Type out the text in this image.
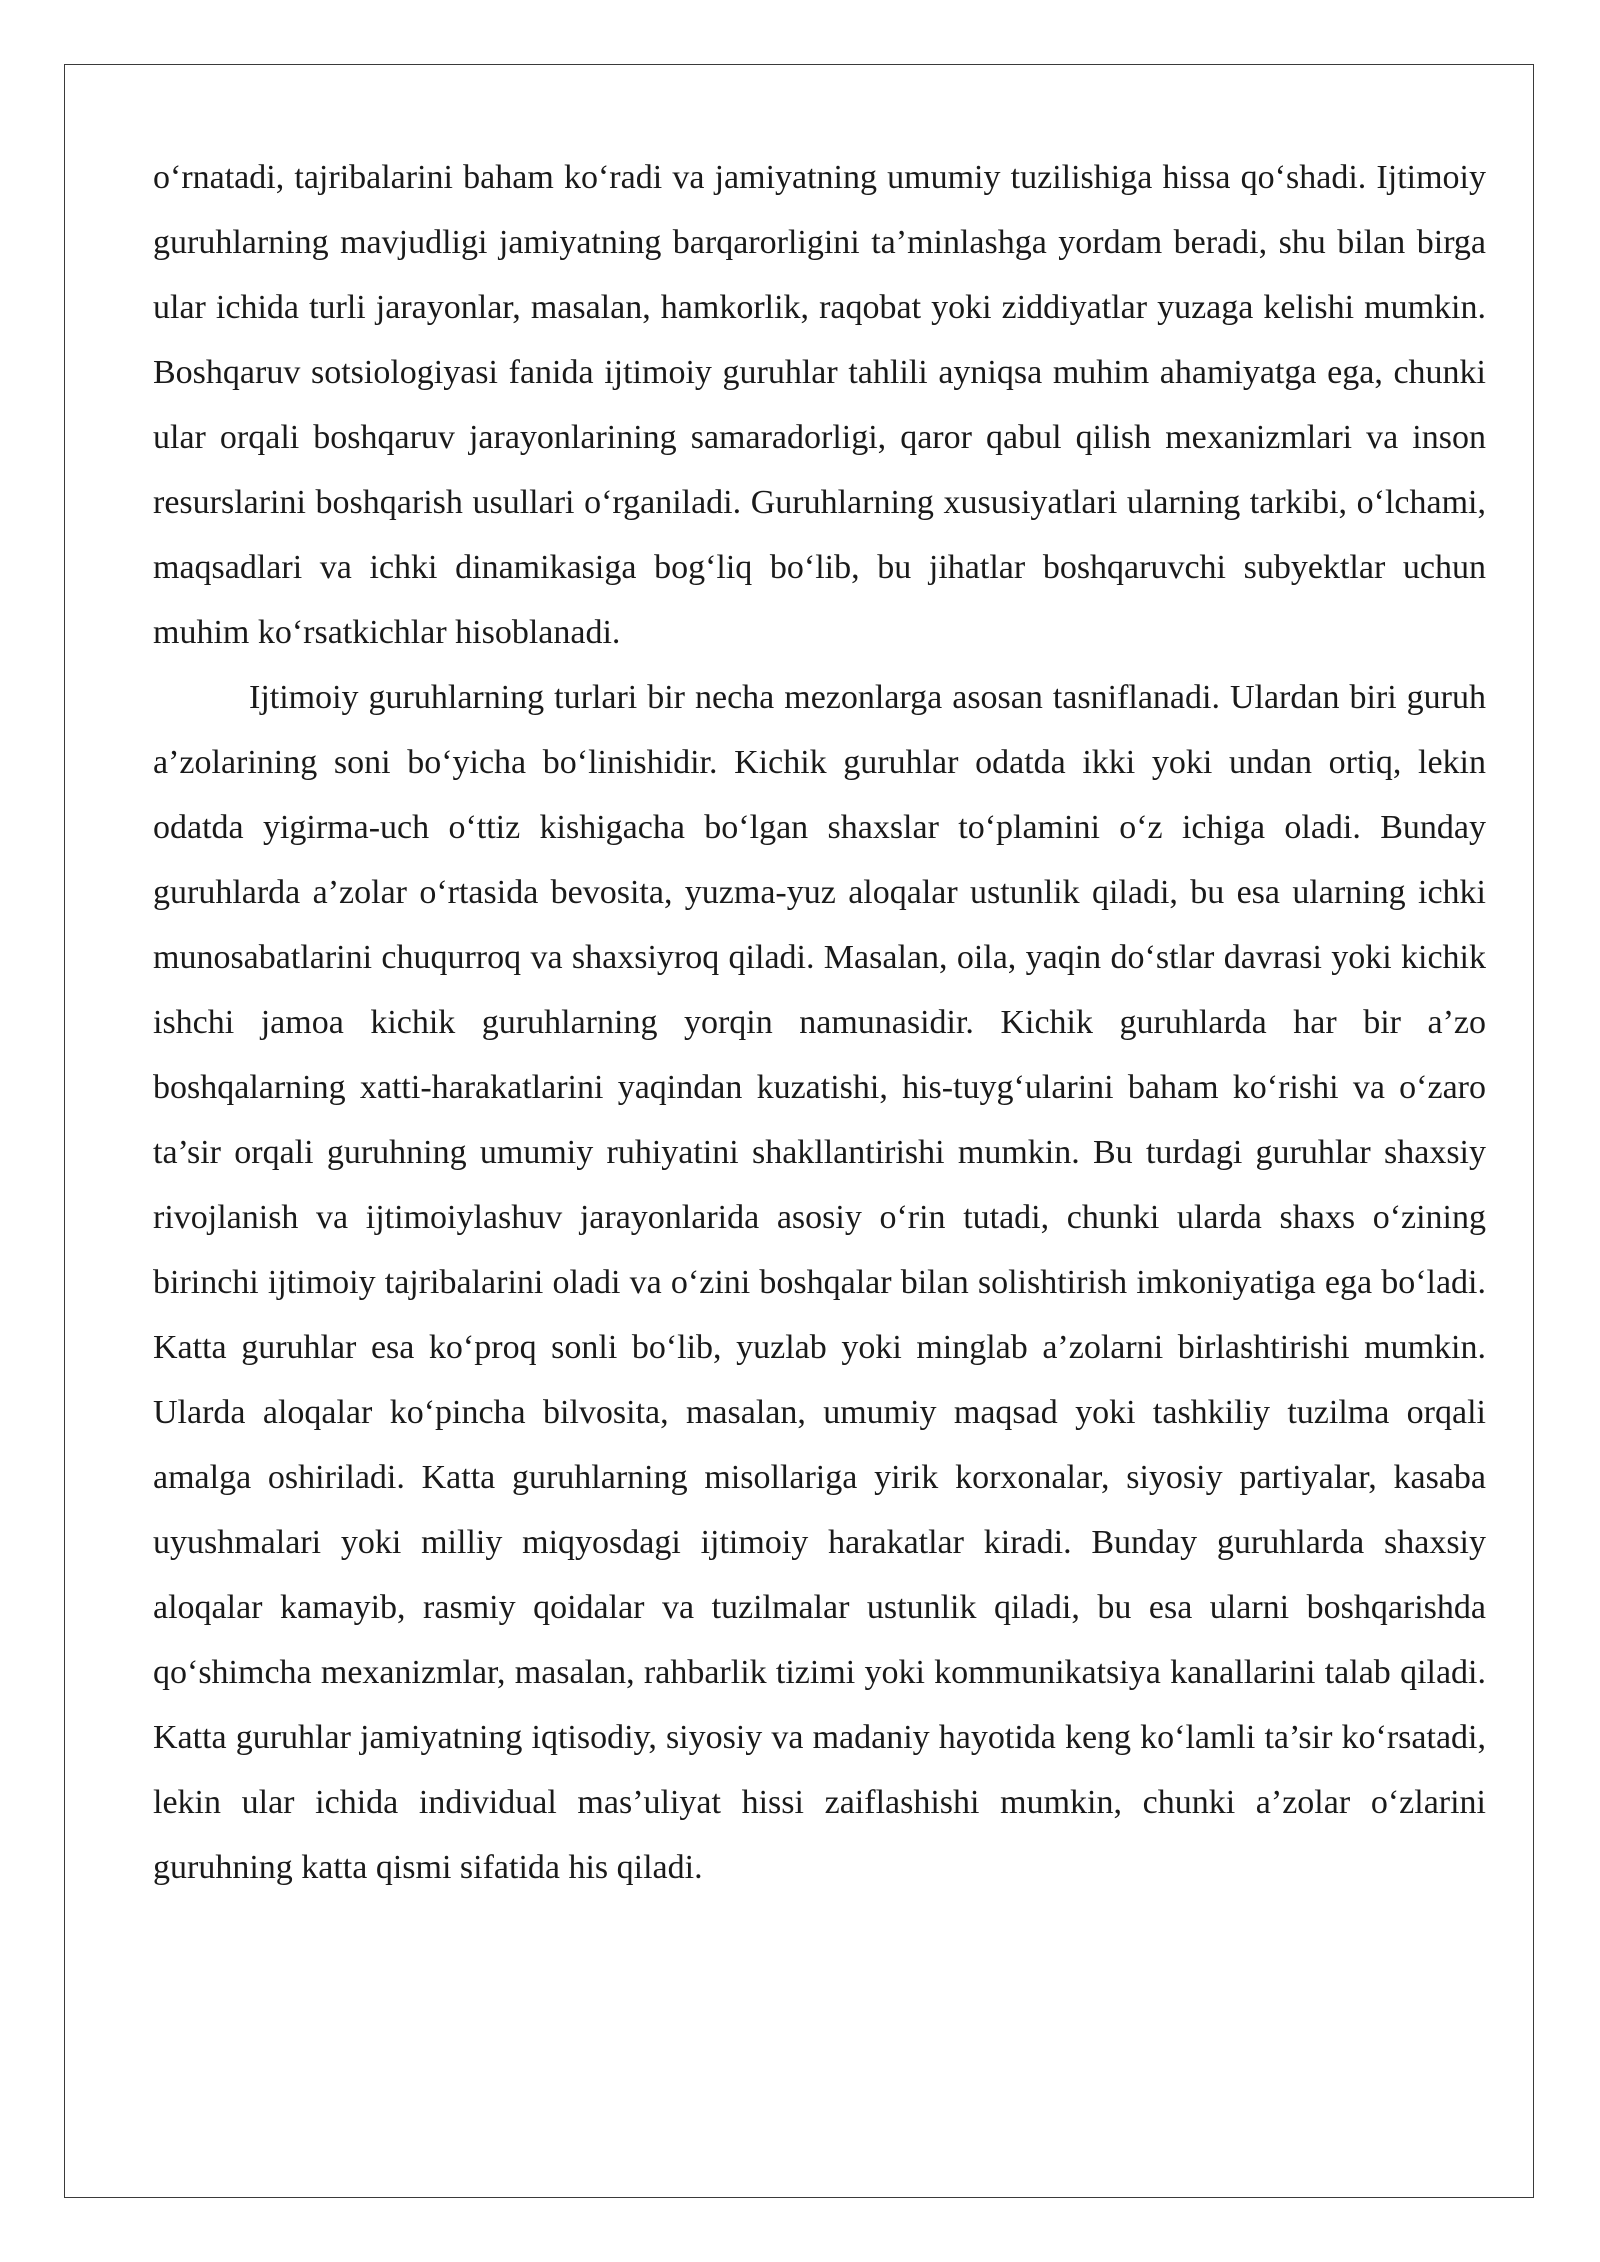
o‘rnatadi, tajribalarini baham ko‘radi va jamiyatning umumiy tuzilishiga hissa qo‘shadi. Ijtimoiy guruhlarning mavjudligi jamiyatning barqarorligini ta’minlashga yordam beradi, shu bilan birga ular ichida turli jarayonlar, masalan, hamkorlik, raqobat yoki ziddiyatlar yuzaga kelishi mumkin. Boshqaruv sotsiologiyasi fanida ijtimoiy guruhlar tahlili ayniqsa muhim ahamiyatga ega, chunki ular orqali boshqaruv jarayonlarining samaradorligi, qaror qabul qilish mexanizmlari va inson resurslarini boshqarish usullari o‘rganiladi. Guruhlarning xususiyatlari ularning tarkibi, o‘lchami, maqsadlari va ichki dinamikasiga bog‘liq bo‘lib, bu jihatlar boshqaruvchi subyektlar uchun muhim ko‘rsatkichlar hisoblanadi.

Ijtimoiy guruhlarning turlari bir necha mezonlarga asosan tasniflanadi. Ulardan biri guruh a’zolarining soni bo‘yicha bo‘linishidir. Kichik guruhlar odatda ikki yoki undan ortiq, lekin odatda yigirma-uch o‘ttiz kishigacha bo‘lgan shaxslar to‘plamini o‘z ichiga oladi. Bunday guruhlarda a’zolar o‘rtasida bevosita, yuzma-yuz aloqalar ustunlik qiladi, bu esa ularning ichki munosabatlarini chuqurroq va shaxsiyroq qiladi. Masalan, oila, yaqin do‘stlar davrasi yoki kichik ishchi jamoa kichik guruhlarning yorqin namunasidir. Kichik guruhlarda har bir a’zo boshqalarning xatti-harakatlarini yaqindan kuzatishi, his-tuyg‘ularini baham ko‘rishi va o‘zaro ta’sir orqali guruhning umumiy ruhiyatini shakllantirishi mumkin. Bu turdagi guruhlar shaxsiy rivojlanish va ijtimoiylashuv jarayonlarida asosiy o‘rin tutadi, chunki ularda shaxs o‘zining birinchi ijtimoiy tajribalarini oladi va o‘zini boshqalar bilan solishtirish imkoniyatiga ega bo‘ladi. Katta guruhlar esa ko‘proq sonli bo‘lib, yuzlab yoki minglab a’zolarni birlashtirishi mumkin. Ularda aloqalar ko‘pincha bilvosita, masalan, umumiy maqsad yoki tashkiliy tuzilma orqali amalga oshiriladi. Katta guruhlarning misollariga yirik korxonalar, siyosiy partiyalar, kasaba uyushmalari yoki milliy miqyosdagi ijtimoiy harakatlar kiradi. Bunday guruhlarda shaxsiy aloqalar kamayib, rasmiy qoidalar va tuzilmalar ustunlik qiladi, bu esa ularni boshqarishda qo‘shimcha mexanizmlar, masalan, rahbarlik tizimi yoki kommunikatsiya kanallarini talab qiladi. Katta guruhlar jamiyatning iqtisodiy, siyosiy va madaniy hayotida keng ko‘lamli ta’sir ko‘rsatadi, lekin ular ichida individual mas’uliyat hissi zaiflashishi mumkin, chunki a’zolar o‘zlarini guruhning katta qismi sifatida his qiladi.
